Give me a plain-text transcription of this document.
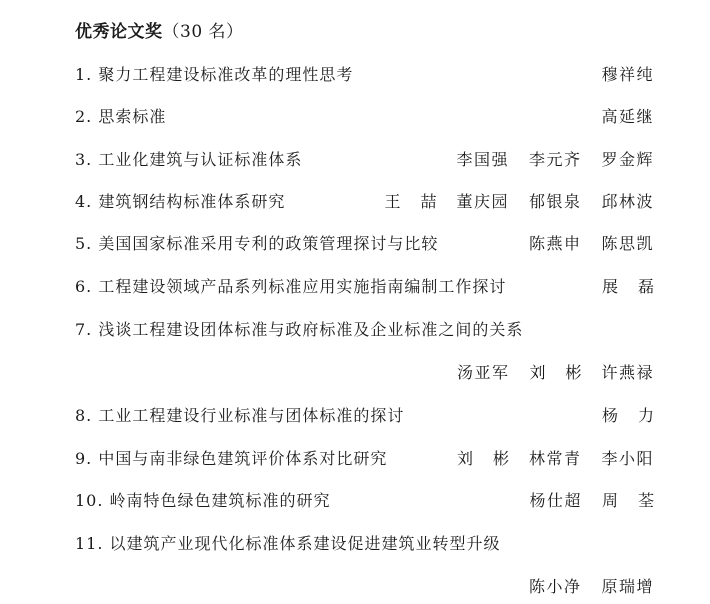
优秀论文奖（30 名）
1. 聚力工程建设标准改革的理性思考	穆祥纯
2. 思索标准	高延继
3. 工业化建筑与认证标准体系	李国强 李元齐 罗金辉
4. 建筑钢结构标准体系研究	王喆 董庆园 郁银泉 邱林波
5. 美国国家标准采用专利的政策管理探讨与比较	陈燕申 陈思凯
6. 工程建设领域产品系列标准应用实施指南编制工作探讨	展磊
7. 浅谈工程建设团体标准与政府标准及企业标准之间的关系
汤亚军 刘彬 许燕禄
8. 工业工程建设行业标准与团体标准的探讨	杨力
9. 中国与南非绿色建筑评价体系对比研究	刘彬 林常青 李小阳
10. 岭南特色绿色建筑标准的研究	杨仕超 周荃
11. 以建筑产业现代化标准体系建设促进建筑业转型升级
陈小净 原瑞增
